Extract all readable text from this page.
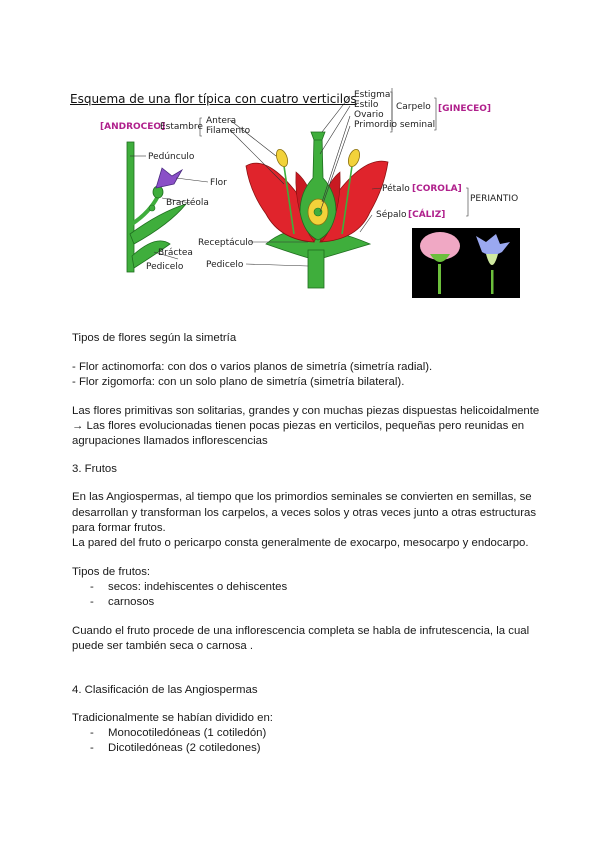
Esquema de una flor típica con cuatro verticilos
Estigma
Estilo
Ovario
Primordio seminal
Carpelo [GINECEO]
[ANDROCEO]
Estambre
Antera
Filamento
Pedúnculo
Flor
Bractéola
Bráctea
Pedicelo
Pétalo [COROLA]
PERIANTIO
Sépalo [CÁLIZ]
Receptáculo
Pedicelo
Tipos de flores según la simetría
- Flor actinomorfa: con dos o varios planos de simetría (simetría radial).
- Flor zigomorfa: con un solo plano de simetría (simetría bilateral).
Las flores primitivas son solitarias, grandes y con muchas piezas dispuestas helicoidalmente
→ Las flores evolucionadas tienen pocas piezas en verticilos, pequeñas pero reunidas en
agrupaciones llamados inflorescencias
3. Frutos
En las Angiospermas, al tiempo que los primordios seminales se convierten en semillas, se
desarrollan y transforman los carpelos, a veces solos y otras veces junto a otras estructuras
para formar frutos.
La pared del fruto o pericarpo consta generalmente de exocarpo, mesocarpo y endocarpo.
Tipos de frutos:
- secos: indehiscentes o dehiscentes
- carnosos
Cuando el fruto procede de una inflorescencia completa se habla de infrutescencia, la cual
puede ser también seca o carnosa .
4. Clasificación de las Angiospermas
Tradicionalmente se habían dividido en:
- Monocotiledóneas (1 cotiledón)
- Dicotiledóneas (2 cotiledones)
